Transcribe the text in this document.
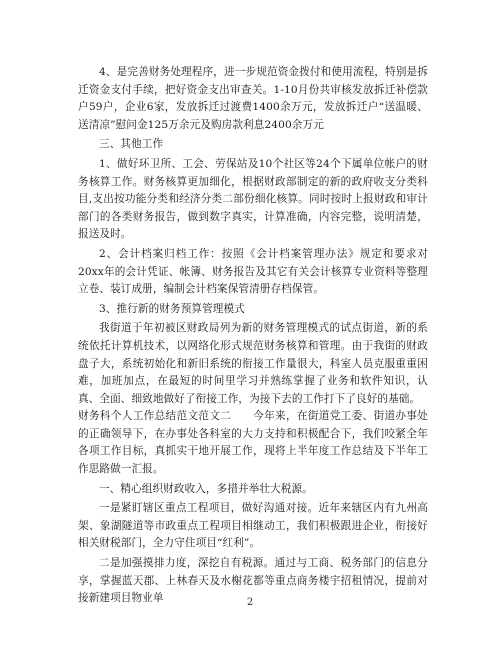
4、是完善财务处理程序，进一步规范资金拨付和使用流程，特别是拆迁资金支付手续，把好资金支出审查关。1-10月份共审核发放拆迁补偿款户59户，企业6家，发放拆迁过渡费1400余万元，发放拆迁户“送温暖、送清凉”慰问金125万余元及购房款利息2400余万元

三、其他工作

1、做好环卫所、工会、劳保站及10个社区等24个下属单位帐户的财务核算工作。财务核算更加细化，根据财政部制定的新的政府收支分类科目,支出按功能分类和经济分类二部份细化核算。同时按时上报财政和审计部门的各类财务报告，做到数字真实，计算准确，内容完整，说明清楚，报送及时。

2、会计档案归档工作：按照《会计档案管理办法》规定和要求对20xx年的会计凭证、帐簿、财务报告及其它有关会计核算专业资料等整理立卷、装订成册，编制会计档案保管清册存档保管。

3、推行新的财务预算管理模式

我街道于年初被区财政局列为新的财务管理模式的试点街道，新的系统依托计算机技术，以网络化形式规范财务核算和管理。由于我街的财政盘子大，系统初始化和新旧系统的衔接工作量很大，科室人员克服重重困难，加班加点，在最短的时间里学习并熟练掌握了业务和软件知识，认真、全面、细致地做好了衔接工作，为接下去的工作打下了良好的基础。

财务科个人工作总结范文范文二　　今年来，在街道党工委、街道办事处的正确领导下，在办事处各科室的大力支持和积极配合下，我们咬紧全年各项工作目标，真抓实干地开展工作，现将上半年度工作总结及下半年工作思路做一汇报。

一、精心组织财政收入，多措并举壮大税源。

一是紧盯辖区重点工程项目，做好沟通对接。近年来辖区内有九州高架、象湖隧道等市政重点工程项目相继动工，我们积极跟进企业，衔接好相关财税部门，全力守住项目“红利”。

二是加强摸排力度，深挖自有税源。通过与工商、税务部门的信息分享，掌握蓝天郡、上林春天及水榭花都等重点商务楼宇招租情况，提前对接新建项目物业单	2
